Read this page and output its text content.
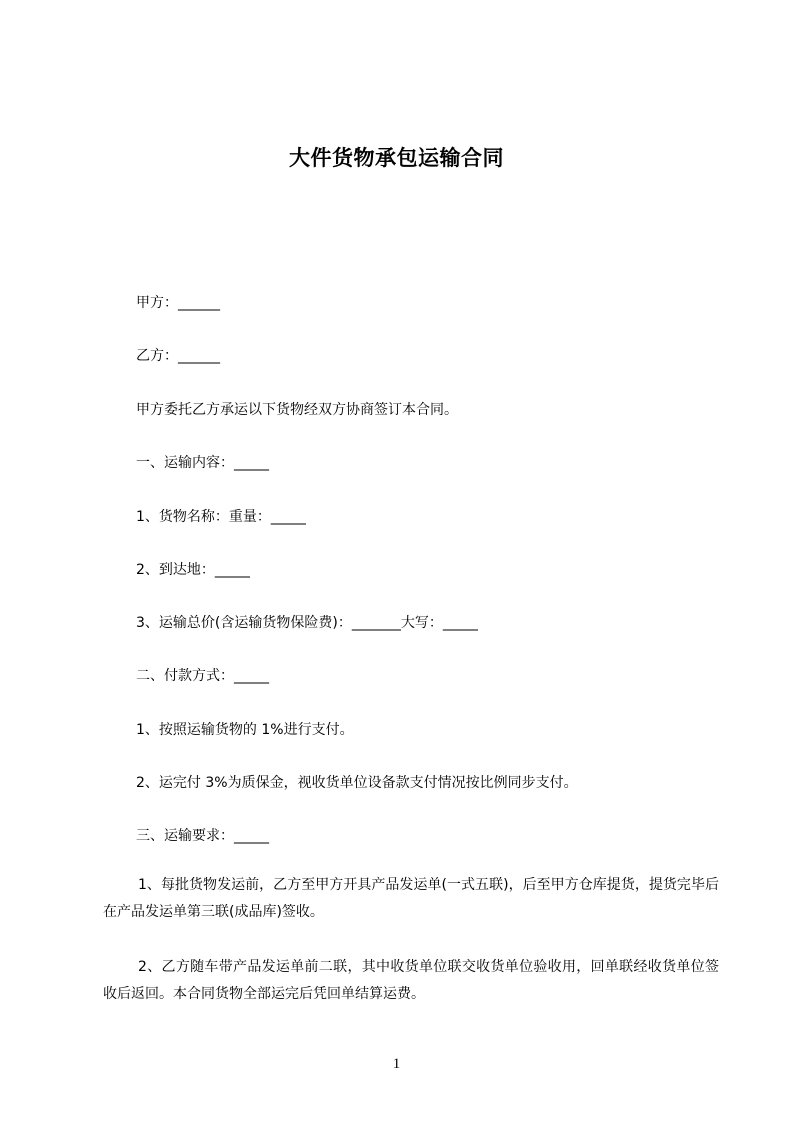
大件货物承包运输合同
甲方：______
乙方：______
甲方委托乙方承运以下货物经双方协商签订本合同。
一、运输内容：_____
1、货物名称：重量：_____
2、到达地：_____
3、运输总价(含运输货物保险费)：_______大写：_____
二、付款方式：_____
1、按照运输货物的 1%进行支付。
2、运完付 3%为质保金，视收货单位设备款支付情况按比例同步支付。
三、运输要求：_____
1、每批货物发运前，乙方至甲方开具产品发运单(一式五联)，后至甲方仓库提货，提货完毕后在产品发运单第三联(成品库)签收。
2、乙方随车带产品发运单前二联，其中收货单位联交收货单位验收用，回单联经收货单位签收后返回。本合同货物全部运完后凭回单结算运费。
1
